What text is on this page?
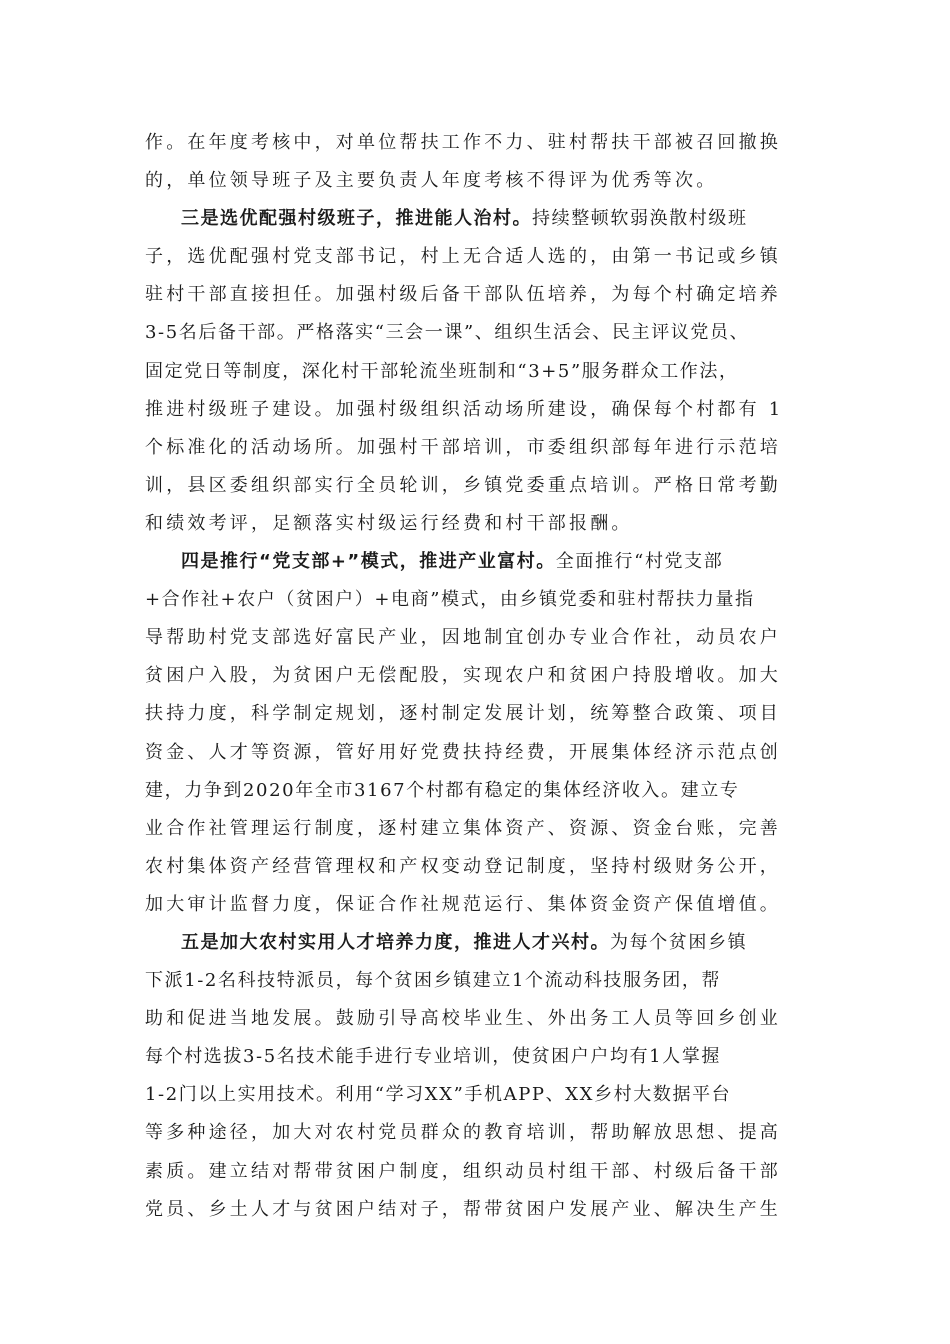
作。在年度考核中，对单位帮扶工作不力、驻村帮扶干部被召回撤换
的，单位领导班子及主要负责人年度考核不得评为优秀等次。
三是选优配强村级班子，推进能人治村。持续整顿软弱涣散村级班
子，选优配强村党支部书记，村上无合适人选的，由第一书记或乡镇
驻村干部直接担任。加强村级后备干部队伍培养，为每个村确定培养
3-5名后备干部。严格落实“三会一课”、组织生活会、民主评议党员、
固定党日等制度，深化村干部轮流坐班制和“3+5”服务群众工作法，
推进村级班子建设。加强村级组织活动场所建设，确保每个村都有 1
个标准化的活动场所。加强村干部培训，市委组织部每年进行示范培
训，县区委组织部实行全员轮训，乡镇党委重点培训。严格日常考勤
和绩效考评，足额落实村级运行经费和村干部报酬。
四是推行“党支部+”模式，推进产业富村。全面推行“村党支部
+合作社+农户（贫困户）+电商”模式，由乡镇党委和驻村帮扶力量指
导帮助村党支部选好富民产业，因地制宜创办专业合作社，动员农户
贫困户入股，为贫困户无偿配股，实现农户和贫困户持股增收。加大
扶持力度，科学制定规划，逐村制定发展计划，统筹整合政策、项目
资金、人才等资源，管好用好党费扶持经费，开展集体经济示范点创
建，力争到2020年全市3167个村都有稳定的集体经济收入。建立专
业合作社管理运行制度，逐村建立集体资产、资源、资金台账，完善
农村集体资产经营管理权和产权变动登记制度，坚持村级财务公开，
加大审计监督力度，保证合作社规范运行、集体资金资产保值增值。
五是加大农村实用人才培养力度，推进人才兴村。为每个贫困乡镇
下派1-2名科技特派员，每个贫困乡镇建立1个流动科技服务团，帮
助和促进当地发展。鼓励引导高校毕业生、外出务工人员等回乡创业
每个村选拔3-5名技术能手进行专业培训，使贫困户户均有1人掌握
1-2门以上实用技术。利用“学习XX”手机APP、XX乡村大数据平台
等多种途径，加大对农村党员群众的教育培训，帮助解放思想、提高
素质。建立结对帮带贫困户制度，组织动员村组干部、村级后备干部
党员、乡土人才与贫困户结对子，帮带贫困户发展产业、解决生产生
